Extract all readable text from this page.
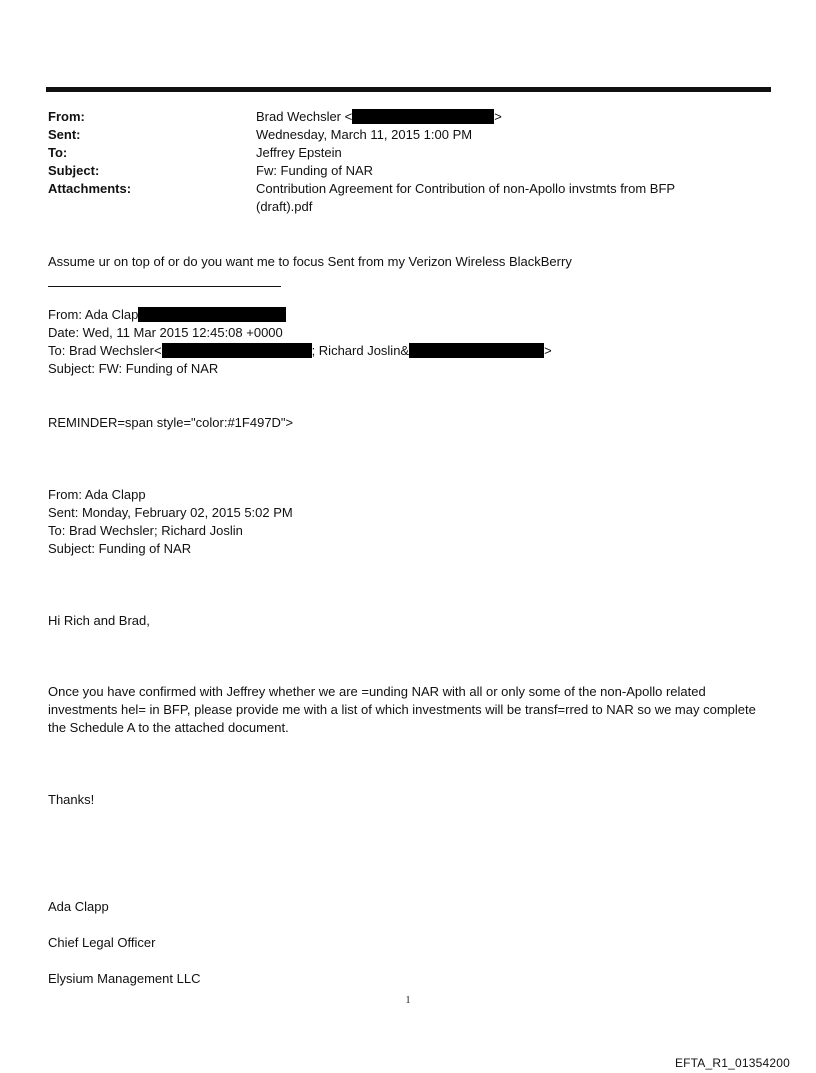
From:	Brad Wechsler <	>
Sent:	Wednesday, March 11, 2015 1:00 PM
To:	Jeffrey Epstein
Subject:	Fw: Funding of NAR
Attachments:	Contribution Agreement for Contribution of non-Apollo invstmts from BFP (draft).pdf
Assume ur on top of or do you want me to focus Sent from my Verizon Wireless BlackBerry
From: Ada Clap
Date: Wed, 11 Mar 2015 12:45:08 +0000
To: Brad Wechsler<	; Richard Joslin&	>
Subject: FW: Funding of NAR
REMINDER=span style="color:#1F497D">
From: Ada Clapp
Sent: Monday, February 02, 2015 5:02 PM
To: Brad Wechsler; Richard Joslin
Subject: Funding of NAR
Hi Rich and Brad,
Once you have confirmed with Jeffrey whether we are =unding NAR with all or only some of the non-Apollo related investments hel= in BFP, please provide me with a list of which investments will be transf=rred to NAR so we may complete the Schedule A to the attached document.
Thanks!
Ada Clapp
Chief Legal Officer
Elysium Management LLC
1
EFTA_R1_01354200
